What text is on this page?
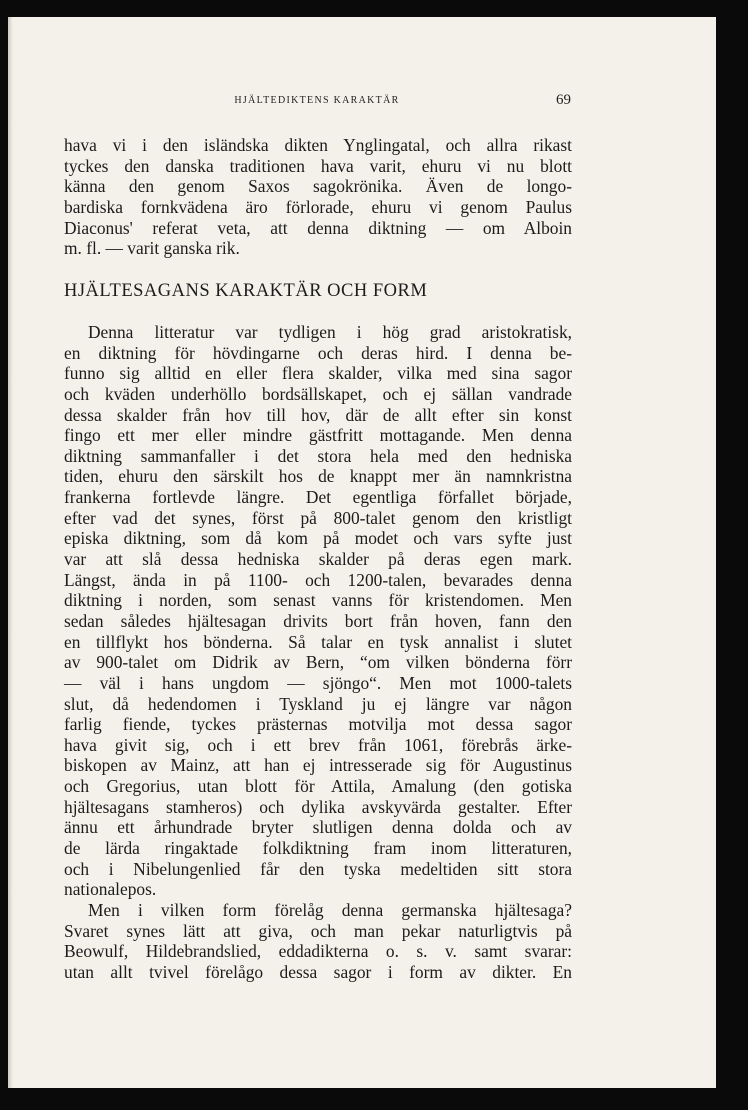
HJÄLTEDIKTENS KARAKTÄR	69
hava vi i den isländska dikten Ynglingatal, och allra rikast
tyckes den danska traditionen hava varit, ehuru vi nu blott
känna den genom Saxos sagokrönika. Även de longo-
bardiska fornkvädena äro förlorade, ehuru vi genom Paulus
Diaconus' referat veta, att denna diktning — om Alboin
m. fl. — varit ganska rik.
HJÄLTESAGANS KARAKTÄR OCH FORM
Denna litteratur var tydligen i hög grad aristokratisk,
en diktning för hövdingarne och deras hird. I denna be-
funno sig alltid en eller flera skalder, vilka med sina sagor
och kväden underhöllo bordsällskapet, och ej sällan vandrade
dessa skalder från hov till hov, där de allt efter sin konst
fingo ett mer eller mindre gästfritt mottagande. Men denna
diktning sammanfaller i det stora hela med den hedniska
tiden, ehuru den särskilt hos de knappt mer än namnkristna
frankerna fortlevde längre. Det egentliga förfallet började,
efter vad det synes, först på 800-talet genom den kristligt
episka diktning, som då kom på modet och vars syfte just
var att slå dessa hedniska skalder på deras egen mark.
Längst, ända in på 1100- och 1200-talen, bevarades denna
diktning i norden, som senast vanns för kristendomen. Men
sedan således hjältesagan drivits bort från hoven, fann den
en tillflykt hos bönderna. Så talar en tysk annalist i slutet
av 900-talet om Didrik av Bern, “om vilken bönderna förr
— väl i hans ungdom — sjöngo“. Men mot 1000-talets
slut, då hedendomen i Tyskland ju ej längre var någon
farlig fiende, tyckes prästernas motvilja mot dessa sagor
hava givit sig, och i ett brev från 1061, förebrås ärke-
biskopen av Mainz, att han ej intresserade sig för Augustinus
och Gregorius, utan blott för Attila, Amalung (den gotiska
hjältesagans stamheros) och dylika avskyvärda gestalter. Efter
ännu ett århundrade bryter slutligen denna dolda och av
de lärda ringaktade folkdiktning fram inom litteraturen,
och i Nibelungenlied får den tyska medeltiden sitt stora
nationalepos.
Men i vilken form förelåg denna germanska hjältesaga?
Svaret synes lätt att giva, och man pekar naturligtvis på
Beowulf, Hildebrandslied, eddadikterna o. s. v. samt svarar:
utan allt tvivel förelågo dessa sagor i form av dikter. En
